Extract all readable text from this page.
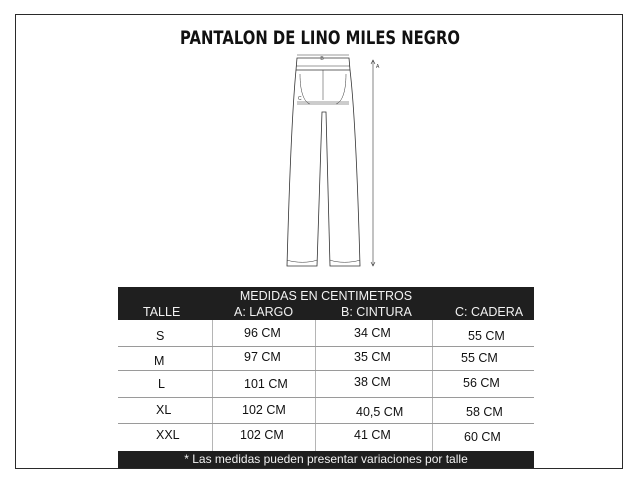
PANTALON DE LINO MILES NEGRO
B
A
C
MEDIDAS EN CENTIMETROS
TALLE	A: LARGO	B: CINTURA	C: CADERA
S	96 CM	34 CM	55 CM
M	97 CM	35 CM	55 CM
L	101 CM	38 CM	56 CM
XL	102 CM	40,5 CM	58 CM
XXL	102 CM	41 CM	60 CM
* Las medidas pueden presentar variaciones por talle
